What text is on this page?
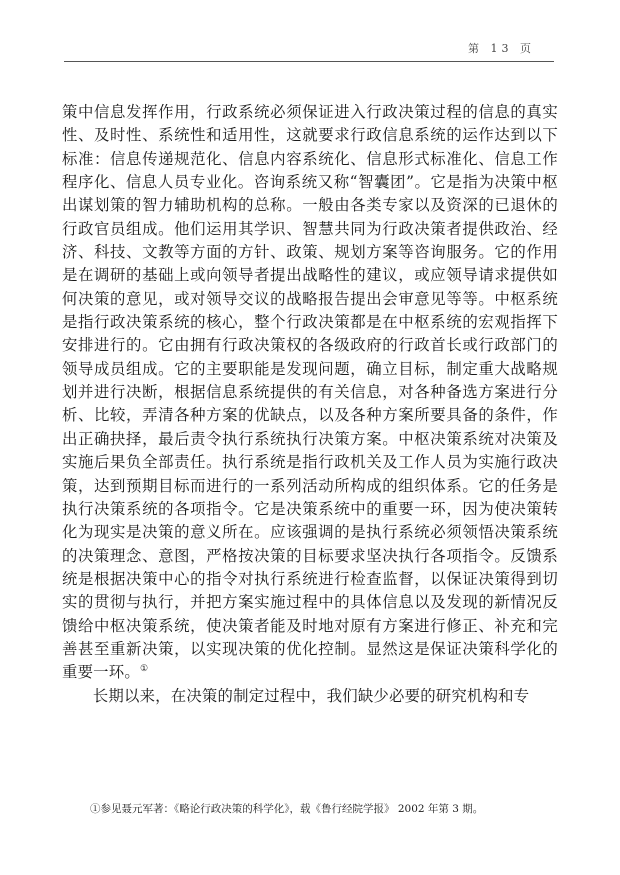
第 13 页

策中信息发挥作用，行政系统必须保证进入行政决策过程的信息的真实性、及时性、系统性和适用性，这就要求行政信息系统的运作达到以下标准：信息传递规范化、信息内容系统化、信息形式标准化、信息工作程序化、信息人员专业化。咨询系统又称“智囊团”。它是指为决策中枢出谋划策的智力辅助机构的总称。一般由各类专家以及资深的已退休的行政官员组成。他们运用其学识、智慧共同为行政决策者提供政治、经济、科技、文教等方面的方针、政策、规划方案等咨询服务。它的作用是在调研的基础上或向领导者提出战略性的建议，或应领导请求提供如何决策的意见，或对领导交议的战略报告提出会审意见等等。中枢系统是指行政决策系统的核心，整个行政决策都是在中枢系统的宏观指挥下安排进行的。它由拥有行政决策权的各级政府的行政首长或行政部门的领导成员组成。它的主要职能是发现问题，确立目标，制定重大战略规划并进行决断，根据信息系统提供的有关信息，对各种备选方案进行分析、比较，弄清各种方案的优缺点，以及各种方案所要具备的条件，作出正确抉择，最后责令执行系统执行决策方案。中枢决策系统对决策及实施后果负全部责任。执行系统是指行政机关及工作人员为实施行政决策，达到预期目标而进行的一系列活动所构成的组织体系。它的任务是执行决策系统的各项指令。它是决策系统中的重要一环，因为使决策转化为现实是决策的意义所在。应该强调的是执行系统必须领悟决策系统的决策理念、意图，严格按决策的目标要求坚决执行各项指令。反馈系统是根据决策中心的指令对执行系统进行检查监督，以保证决策得到切实的贯彻与执行，并把方案实施过程中的具体信息以及发现的新情况反馈给中枢决策系统，使决策者能及时地对原有方案进行修正、补充和完善甚至重新决策，以实现决策的优化控制。显然这是保证决策科学化的重要一环。①

长期以来，在决策的制定过程中，我们缺少必要的研究机构和专

①参见聂元军著：《略论行政决策的科学化》，载《鲁行经院学报》 2002 年第 3 期。
